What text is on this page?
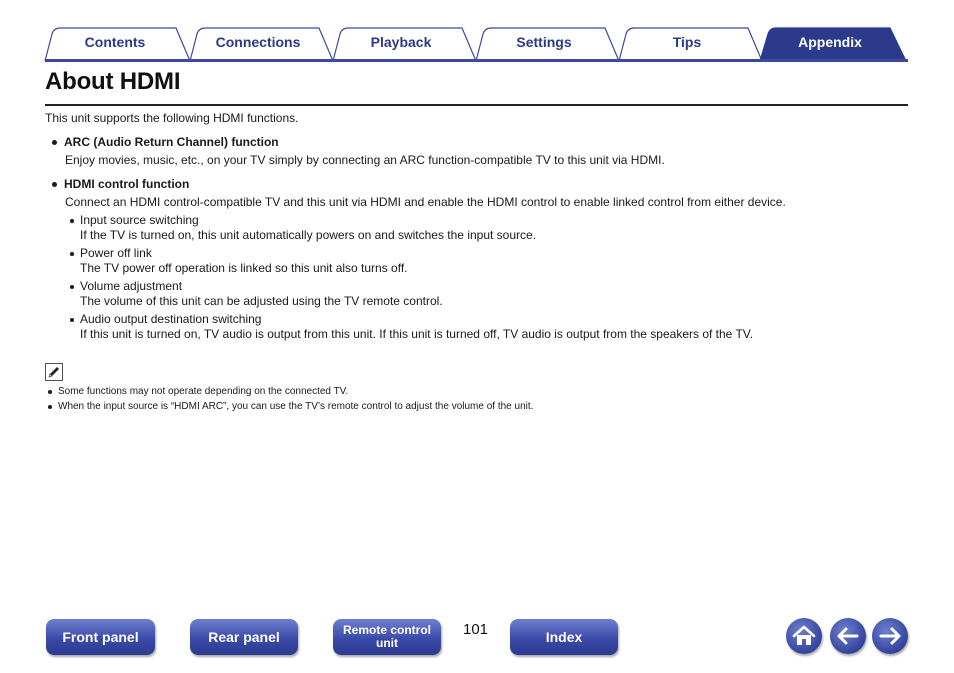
Contents	Connections	Playback	Settings	Tips	Appendix
About HDMI
This unit supports the following HDMI functions.
ARC (Audio Return Channel) function
Enjoy movies, music, etc., on your TV simply by connecting an ARC function-compatible TV to this unit via HDMI.
HDMI control function
Connect an HDMI control-compatible TV and this unit via HDMI and enable the HDMI control to enable linked control from either device.
Input source switching
If the TV is turned on, this unit automatically powers on and switches the input source.
Power off link
The TV power off operation is linked so this unit also turns off.
Volume adjustment
The volume of this unit can be adjusted using the TV remote control.
Audio output destination switching
If this unit is turned on, TV audio is output from this unit. If this unit is turned off, TV audio is output from the speakers of the TV.
Some functions may not operate depending on the connected TV.
When the input source is “HDMI ARC”, you can use the TV’s remote control to adjust the volume of the unit.
Front panel	Rear panel	Remote control
unit
101	Index
